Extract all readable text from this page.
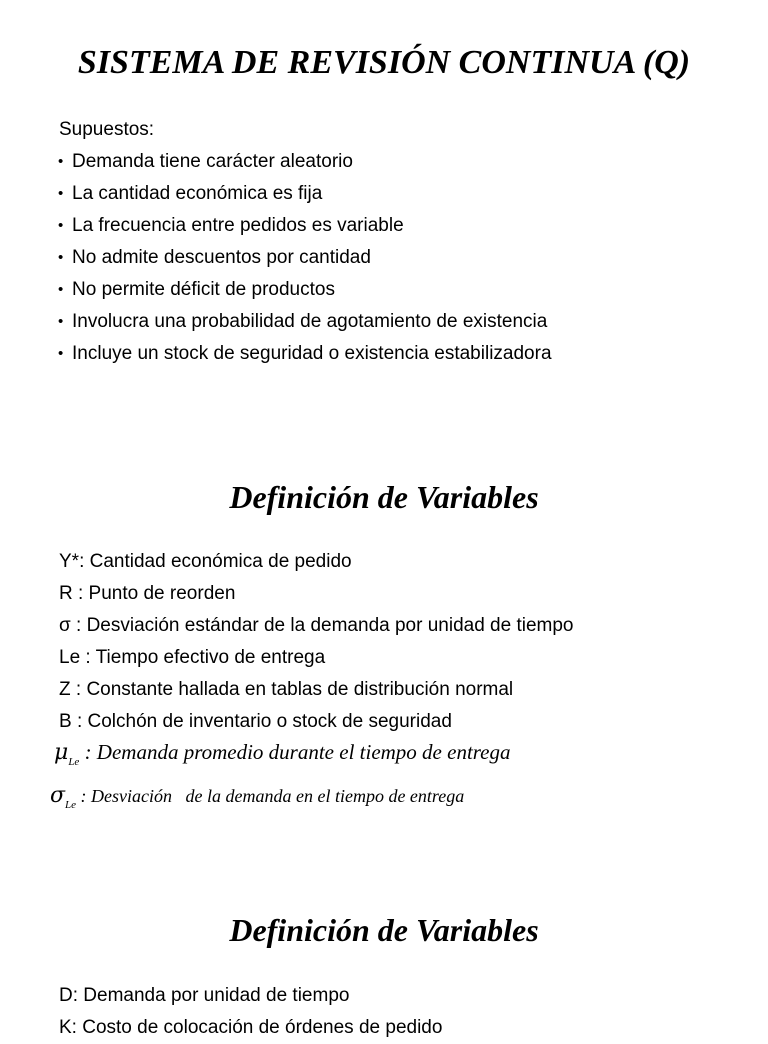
SISTEMA DE REVISIÓN CONTINUA (Q)
Supuestos:
• Demanda tiene carácter aleatorio
• La cantidad económica es fija
• La frecuencia entre pedidos es variable
• No admite descuentos por cantidad
• No permite déficit de productos
• Involucra una probabilidad de agotamiento de existencia
• Incluye un stock de seguridad o existencia estabilizadora
Definición de Variables
Y*: Cantidad económica de pedido
R : Punto de reorden
σ : Desviación estándar de la demanda por unidad de tiempo
Le : Tiempo efectivo de entrega
Z : Constante hallada en tablas de distribución normal
B : Colchón de inventario o stock de seguridad
$\mu_{Le}$ : Demanda promedio durante el tiempo de entrega
$\sigma_{Le}$ : Desviación   de la demanda en el tiempo de entrega
Definición de Variables
D: Demanda por unidad de tiempo
K: Costo de colocación de órdenes de pedido
